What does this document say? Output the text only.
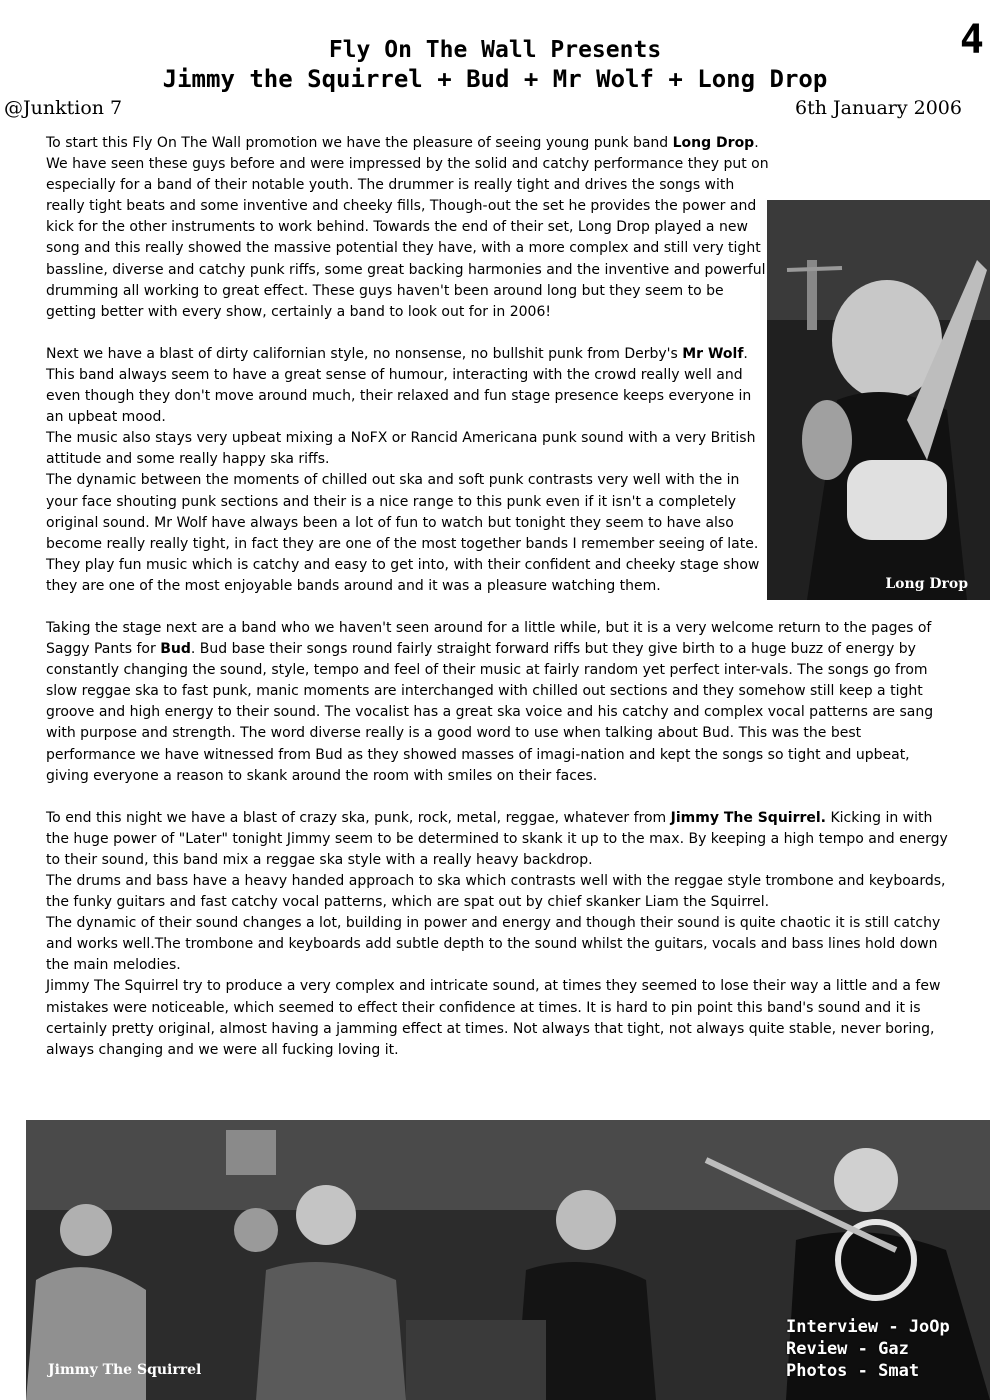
4
Fly On The Wall Presents
Jimmy the Squirrel + Bud + Mr Wolf + Long Drop
@Junktion 7	6th January 2006

To start this Fly On The Wall promotion we have the pleasure of seeing young punk band Long Drop. We have seen these guys before and were impressed by the solid and catchy performance they put on especially for a band of their notable youth. The drummer is really tight and drives the songs with really tight beats and some inventive and cheeky fills, Though-out the set he provides the power and kick for the other instruments to work behind. Towards the end of their set, Long Drop played a new song and this really showed the massive potential they have, with a more complex and still very tight bassline, diverse and catchy punk riffs, some great backing harmonies and the inventive and powerful drumming all working to great effect. These guys haven't been around long but they seem to be getting better with every show, certainly a band to look out for in 2006!

Next we have a blast of dirty californian style, no nonsense, no bullshit punk from Derby's Mr Wolf. This band always seem to have a great sense of humour, interacting with the crowd really well and even though they don't move around much, their relaxed and fun stage presence keeps everyone in an upbeat mood.

The music also stays very upbeat mixing a NoFX or Rancid Americana punk sound with a very British attitude and some really happy ska riffs.

The dynamic between the moments of chilled out ska and soft punk contrasts very well with the in your face shouting punk sections and their is a nice range to this punk even if it isn't a completely original sound. Mr Wolf have always been a lot of fun to watch but tonight they seem to have also become really really tight, in fact they are one of the most together bands I remember seeing of late. They play fun music which is catchy and easy to get into, with their confident and cheeky stage show they are one of the most enjoyable bands around and it was a pleasure watching them.

Taking the stage next are a band who we haven't seen around for a little while, but it is a very welcome return to the pages of Saggy Pants for Bud. Bud base their songs round fairly straight forward riffs but they give birth to a huge buzz of energy by constantly changing the sound, style, tempo and feel of their music at fairly random yet perfect inter-vals. The songs go from slow reggae ska to fast punk, manic moments are interchanged with chilled out sections and they somehow still keep a tight groove and high energy to their sound. The vocalist has a great ska voice and his catchy and complex vocal patterns are sang with purpose and strength. The word diverse really is a good word to use when talking about Bud. This was the best performance we have witnessed from Bud as they showed masses of imagi-nation and kept the songs so tight and upbeat, giving everyone a reason to skank around the room with smiles on their faces.

To end this night we have a blast of crazy ska, punk, rock, metal, reggae, whatever from Jimmy The Squirrel. Kicking in with the huge power of "Later" tonight Jimmy seem to be determined to skank it up to the max. By keeping a high tempo and energy to their sound, this band mix a reggae ska style with a really heavy backdrop.

The drums and bass have a heavy handed approach to ska which contrasts well with the reggae style trombone and keyboards, the funky guitars and fast catchy vocal patterns, which are spat out by chief skanker Liam the Squirrel.

The dynamic of their sound changes a lot, building in power and energy and though their sound is quite chaotic it is still catchy and works well.The trombone and keyboards add subtle depth to the sound whilst the guitars, vocals and bass lines hold down the main melodies.

Jimmy The Squirrel try to produce a very complex and intricate sound, at times they seemed to lose their way a little and a few mistakes were noticeable, which seemed to effect their confidence at times. It is hard to pin point this band's sound and it is certainly pretty original, almost having a jamming effect at times. Not always that tight, not always quite stable, never boring, always changing and we were all fucking loving it.

Long Drop
Jimmy The Squirrel
Interview - JoOp
Review - Gaz
Photos - Smat
